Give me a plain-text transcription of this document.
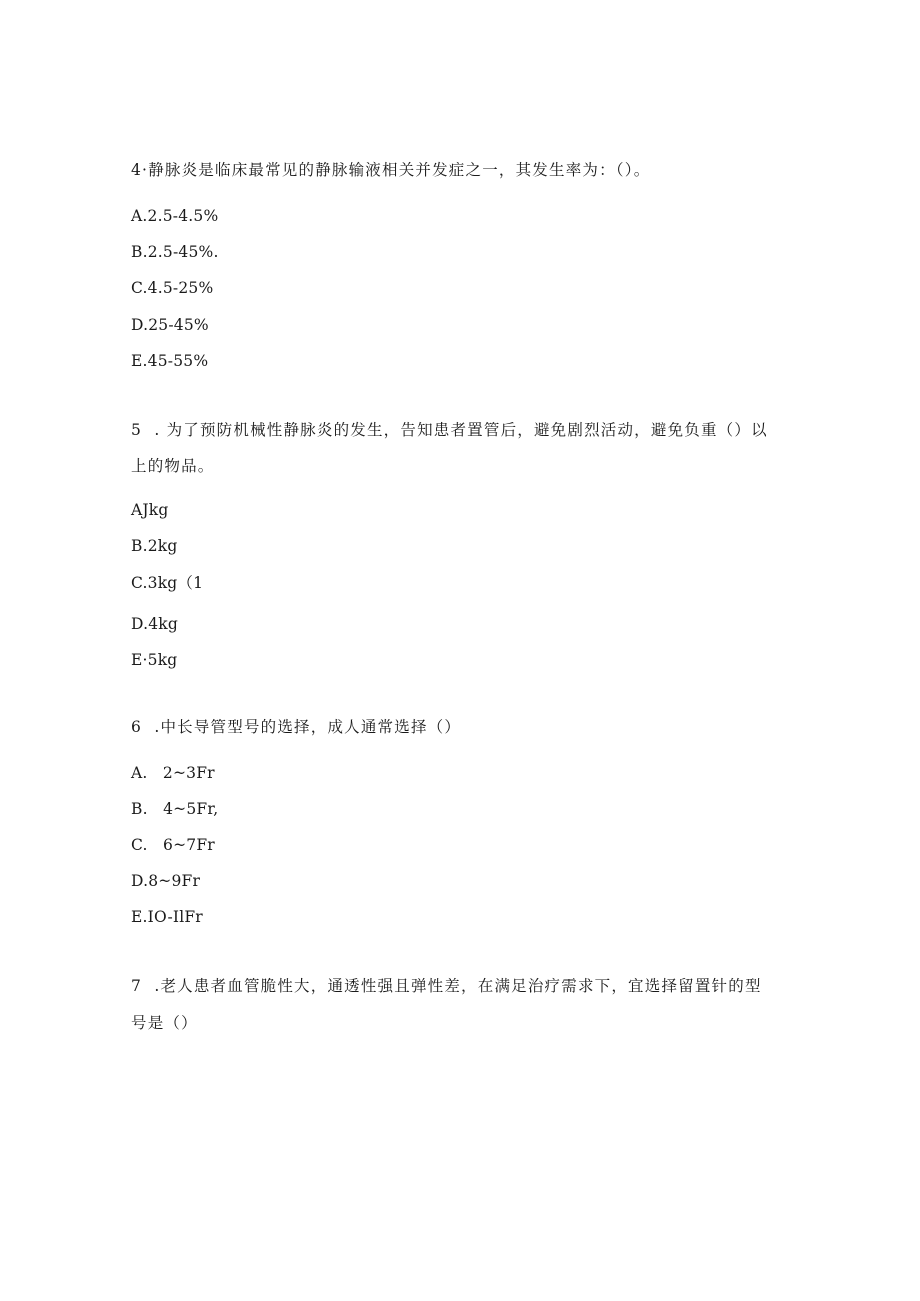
4·静脉炎是临床最常见的静脉输液相关并发症之一，其发生率为：（）。
A.2.5-4.5%
B.2.5-45%.
C.4.5-25%
D.25-45%
E.45-55%
5  . 为了预防机械性静脉炎的发生，告知患者置管后，避免剧烈活动，避免负重（）以
上的物品。
AJkg
B.2kg
C.3kg（1
D.4kg
E·5kg
6  .中长导管型号的选择，成人通常选择（）
A.   2~3Fr
B.   4~5Fr,
C.   6~7Fr
D.8~9Fr
E.IO-IlFr
7  .老人患者血管脆性大，通透性强且弹性差，在满足治疗需求下，宜选择留置针的型
号是（）
